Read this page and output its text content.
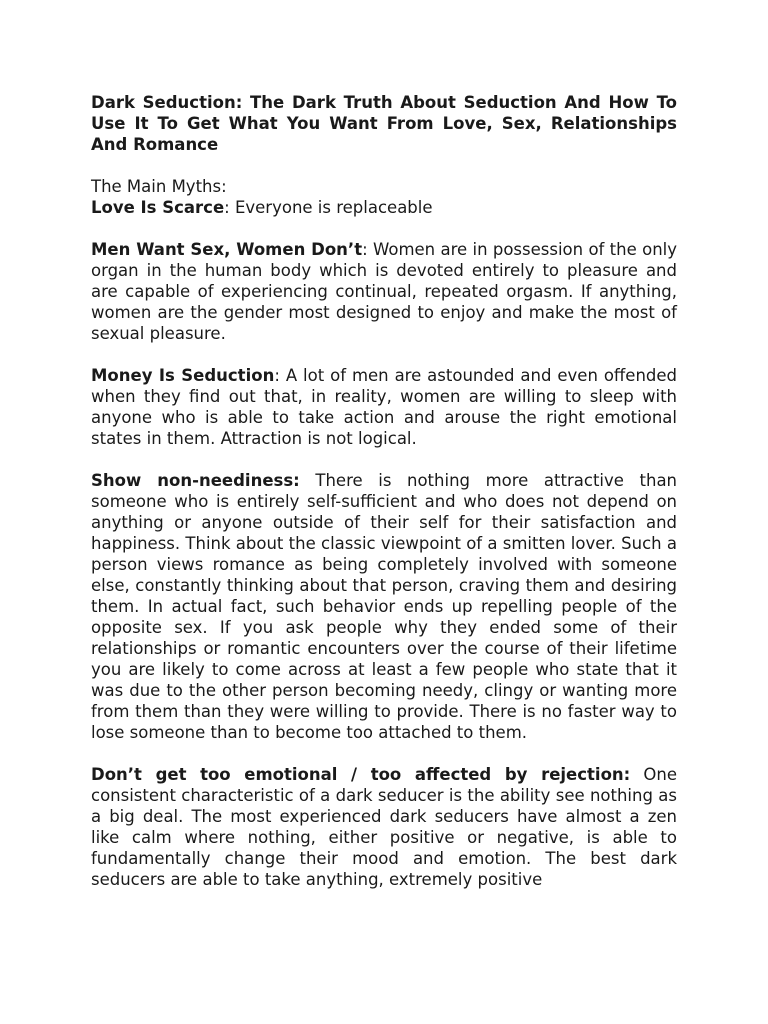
Dark Seduction: The Dark Truth About Seduction And How To Use It To Get What You Want From Love, Sex, Relationships And Romance

The Main Myths:

Love Is Scarce: Everyone is replaceable

Men Want Sex, Women Don’t: Women are in possession of the only organ in the human body which is devoted entirely to pleasure and are capable of experiencing continual, repeated orgasm. If anything, women are the gender most designed to enjoy and make the most of sexual pleasure.

Money Is Seduction: A lot of men are astounded and even offended when they find out that, in reality, women are willing to sleep with anyone who is able to take action and arouse the right emotional states in them. Attraction is not logical.

Show non-neediness: There is nothing more attractive than someone who is entirely self-sufficient and who does not depend on anything or anyone outside of their self for their satisfaction and happiness. Think about the classic viewpoint of a smitten lover. Such a person views romance as being completely involved with someone else, constantly thinking about that person, craving them and desiring them. In actual fact, such behavior ends up repelling people of the opposite sex. If you ask people why they ended some of their relationships or romantic encounters over the course of their lifetime you are likely to come across at least a few people who state that it was due to the other person becoming needy, clingy or wanting more from them than they were willing to provide. There is no faster way to lose someone than to become too attached to them.

Don’t get too emotional / too affected by rejection: One consistent characteristic of a dark seducer is the ability see nothing as a big deal. The most experienced dark seducers have almost a zen like calm where nothing, either positive or negative, is able to fundamentally change their mood and emotion. The best dark seducers are able to take anything, extremely positive
